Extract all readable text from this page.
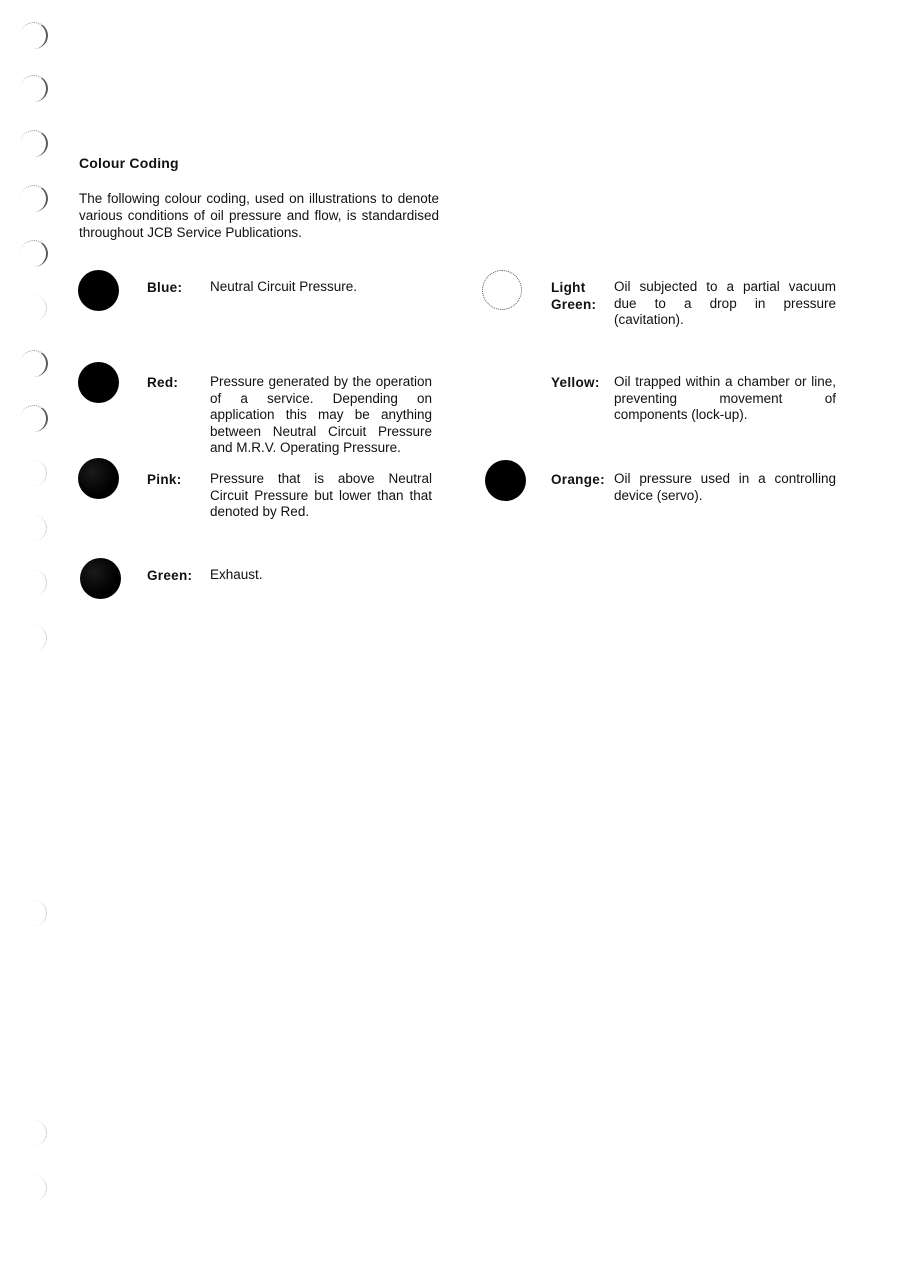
Colour Coding
The following colour coding, used on illustrations to denote various conditions of oil pressure and flow, is standardised throughout JCB Service Publications.
Blue: Neutral Circuit Pressure.
Red: Pressure generated by the operation of a service. Depending on application this may be anything between Neutral Circuit Pressure and M.R.V. Operating Pressure.
Pink: Pressure that is above Neutral Circuit Pressure but lower than that denoted by Red.
Green: Exhaust.
Light
Green:
Oil subjected to a partial vacuum due to a drop in pressure (cavitation).
Yellow: Oil trapped within a chamber or line, preventing movement of components (lock-up).
Orange: Oil pressure used in a controlling device (servo).
